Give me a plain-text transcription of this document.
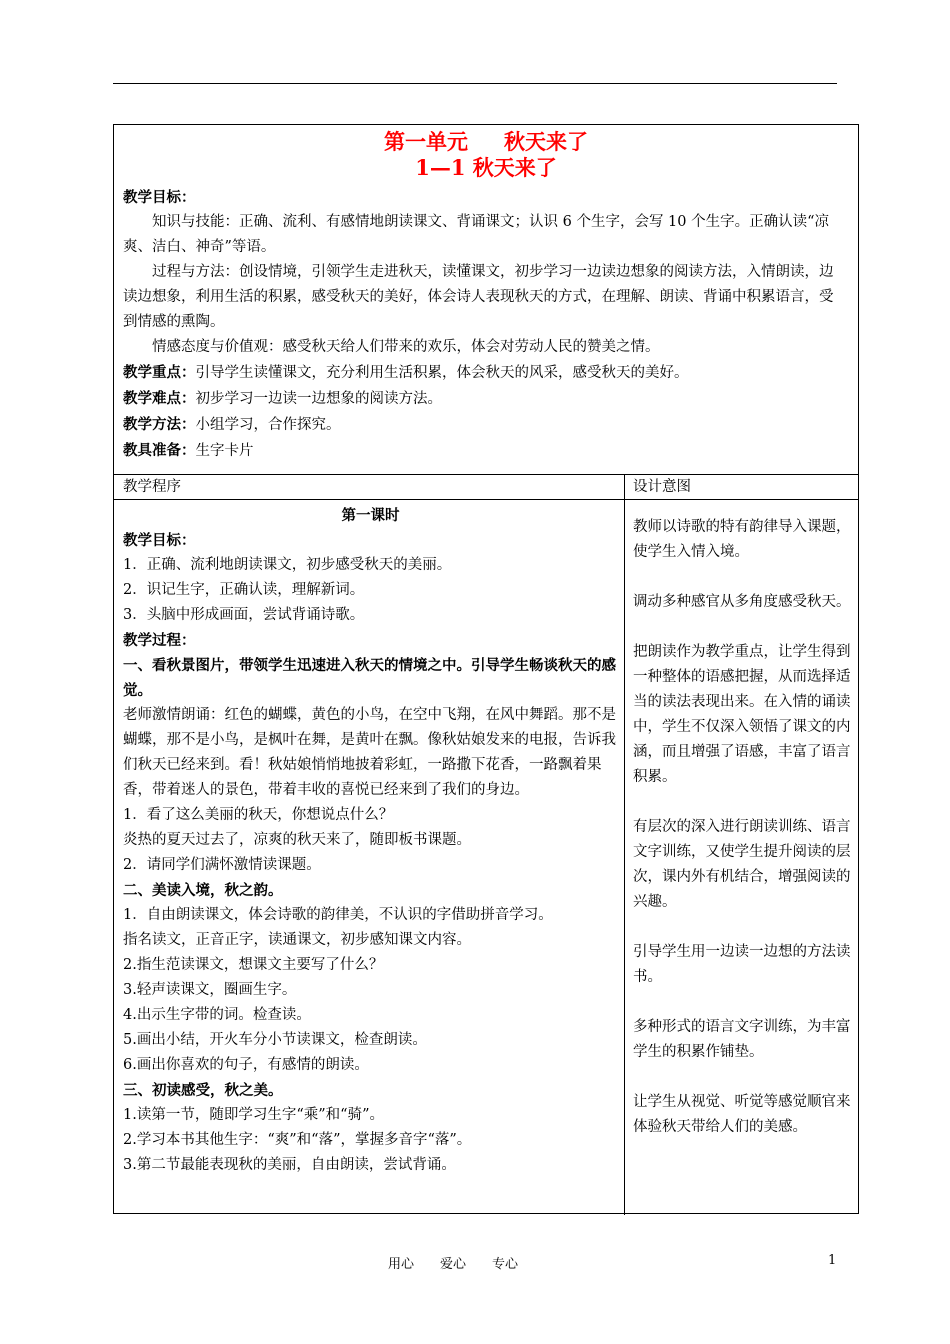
第一单元 秋天来了
1—1 秋天来了

教学目标：

知识与技能：正确、流利、有感情地朗读课文、背诵课文；认识 6 个生字，会写 10 个生字。正确认读“凉爽、洁白、神奇”等语。

过程与方法：创设情境，引领学生走进秋天，读懂课文，初步学习一边读边想象的阅读方法，入情朗读，边读边想象，利用生活的积累，感受秋天的美好，体会诗人表现秋天的方式，在理解、朗读、背诵中积累语言，受到情感的熏陶。

情感态度与价值观：感受秋天给人们带来的欢乐，体会对劳动人民的赞美之情。

教学重点：引导学生读懂课文，充分利用生活积累，体会秋天的风采，感受秋天的美好。

教学难点：初步学习一边读一边想象的阅读方法。

教学方法：小组学习，合作探究。

教具准备：生字卡片

教学程序	设计意图

第一课时

教学目标：

1．正确、流利地朗读课文，初步感受秋天的美丽。

2．识记生字，正确认读，理解新词。

3．头脑中形成画面，尝试背诵诗歌。

教学过程：

一、看秋景图片，带领学生迅速进入秋天的情境之中。引导学生畅谈秋天的感觉。

老师激情朗诵：红色的蝴蝶，黄色的小鸟，在空中飞翔，在风中舞蹈。那不是蝴蝶，那不是小鸟，是枫叶在舞，是黄叶在飘。像秋姑娘发来的电报，告诉我们秋天已经来到。看！秋姑娘悄悄地披着彩虹，一路撒下花香，一路飘着果香，带着迷人的景色，带着丰收的喜悦已经来到了我们的身边。

1．看了这么美丽的秋天，你想说点什么？

炎热的夏天过去了，凉爽的秋天来了，随即板书课题。

2．请同学们满怀激情读课题。

二、美读入境，秋之韵。

1．自由朗读课文，体会诗歌的韵律美，不认识的字借助拼音学习。

指名读文，正音正字，读通课文，初步感知课文内容。

2.指生范读课文，想课文主要写了什么？

3.轻声读课文，圈画生字。

4.出示生字带的词。检查读。

5.画出小结，开火车分小节读课文，检查朗读。

6.画出你喜欢的句子，有感情的朗读。

三、初读感受，秋之美。

1.读第一节，随即学习生字“乘”和“骑”。

2.学习本书其他生字：“爽”和“落”，掌握多音字“落”。

3.第二节最能表现秋的美丽，自由朗读，尝试背诵。

教师以诗歌的特有韵律导入课题，使学生入情入境。

调动多种感官从多角度感受秋天。

把朗读作为教学重点，让学生得到一种整体的语感把握，从而选择适当的读法表现出来。在入情的诵读中，学生不仅深入领悟了课文的内涵，而且增强了语感，丰富了语言积累。

有层次的深入进行朗读训练、语言文字训练，又使学生提升阅读的层次，课内外有机结合，增强阅读的兴趣。

引导学生用一边读一边想的方法读书。

多种形式的语言文字训练，为丰富学生的积累作铺垫。

让学生从视觉、听觉等感觉顺官来体验秋天带给人们的美感。

用心 爱心 专心	1
